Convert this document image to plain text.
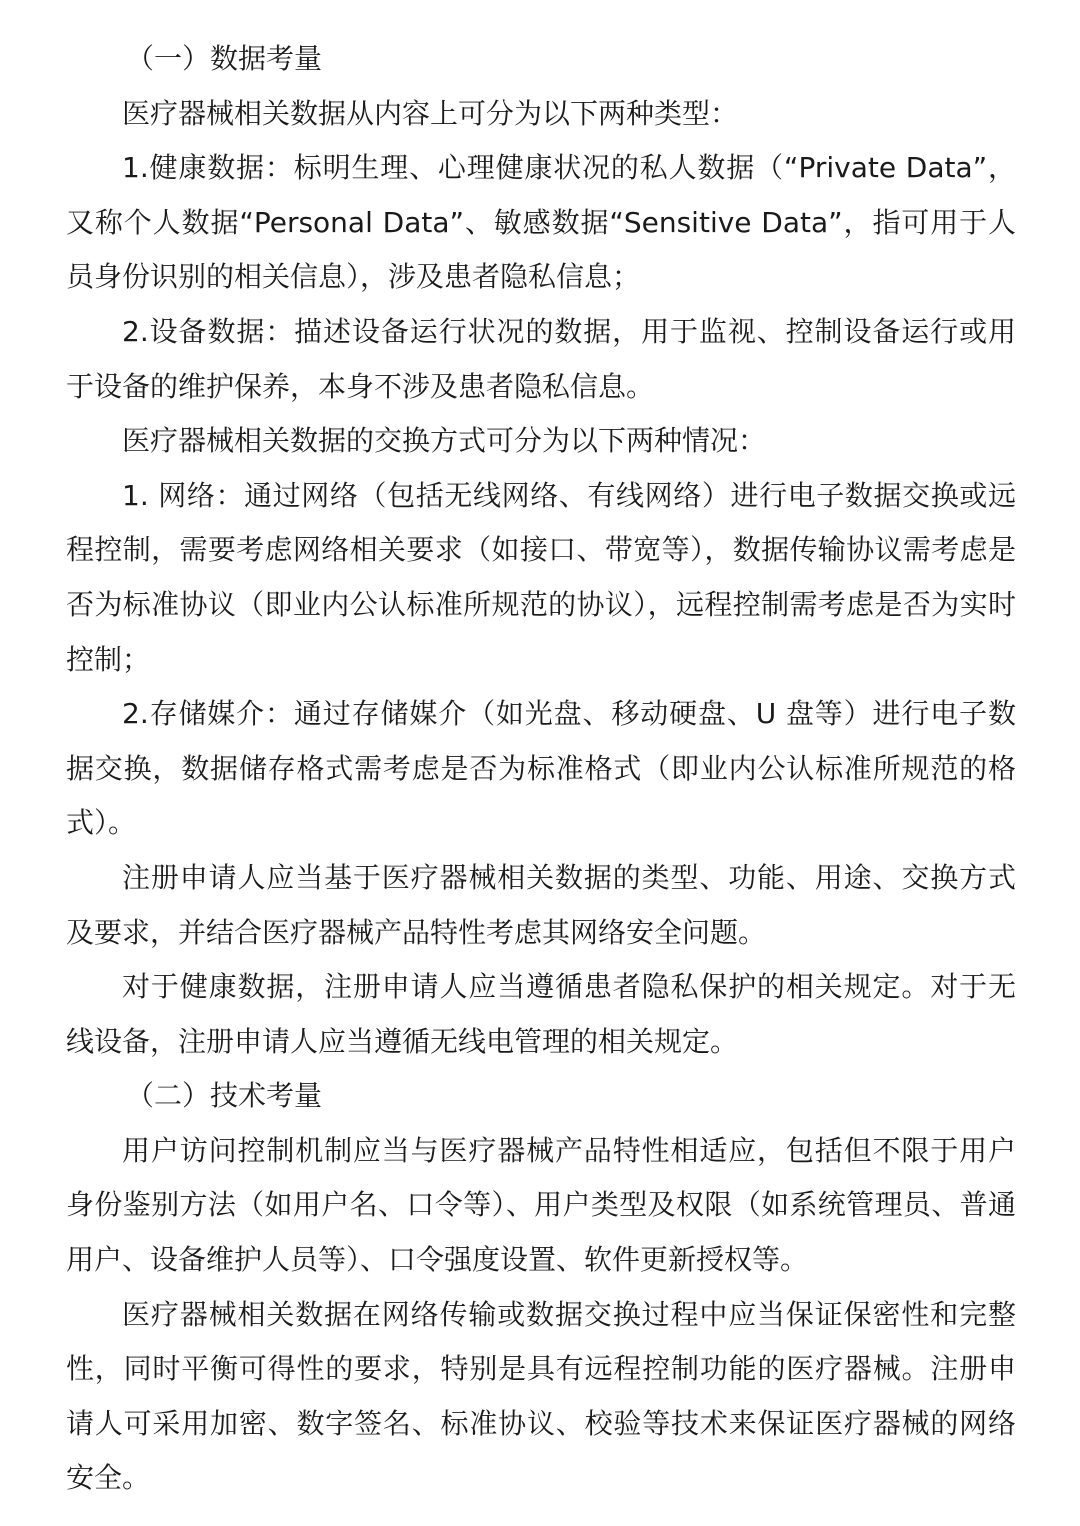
（一）数据考量

医疗器械相关数据从内容上可分为以下两种类型：

1.健康数据：标明生理、心理健康状况的私人数据（“Private Data”，又称个人数据“Personal Data”、敏感数据“Sensitive Data”，指可用于人员身份识别的相关信息），涉及患者隐私信息；

2.设备数据：描述设备运行状况的数据，用于监视、控制设备运行或用于设备的维护保养，本身不涉及患者隐私信息。

医疗器械相关数据的交换方式可分为以下两种情况：

1. 网络：通过网络（包括无线网络、有线网络）进行电子数据交换或远程控制，需要考虑网络相关要求（如接口、带宽等），数据传输协议需考虑是否为标准协议（即业内公认标准所规范的协议），远程控制需考虑是否为实时控制；

2.存储媒介：通过存储媒介（如光盘、移动硬盘、U 盘等）进行电子数据交换，数据储存格式需考虑是否为标准格式（即业内公认标准所规范的格式）。

注册申请人应当基于医疗器械相关数据的类型、功能、用途、交换方式及要求，并结合医疗器械产品特性考虑其网络安全问题。

对于健康数据，注册申请人应当遵循患者隐私保护的相关规定。对于无线设备，注册申请人应当遵循无线电管理的相关规定。

（二）技术考量

用户访问控制机制应当与医疗器械产品特性相适应，包括但不限于用户身份鉴别方法（如用户名、口令等）、用户类型及权限（如系统管理员、普通用户、设备维护人员等）、口令强度设置、软件更新授权等。

医疗器械相关数据在网络传输或数据交换过程中应当保证保密性和完整性，同时平衡可得性的要求，特别是具有远程控制功能的医疗器械。注册申请人可采用加密、数字签名、标准协议、校验等技术来保证医疗器械的网络安全。
